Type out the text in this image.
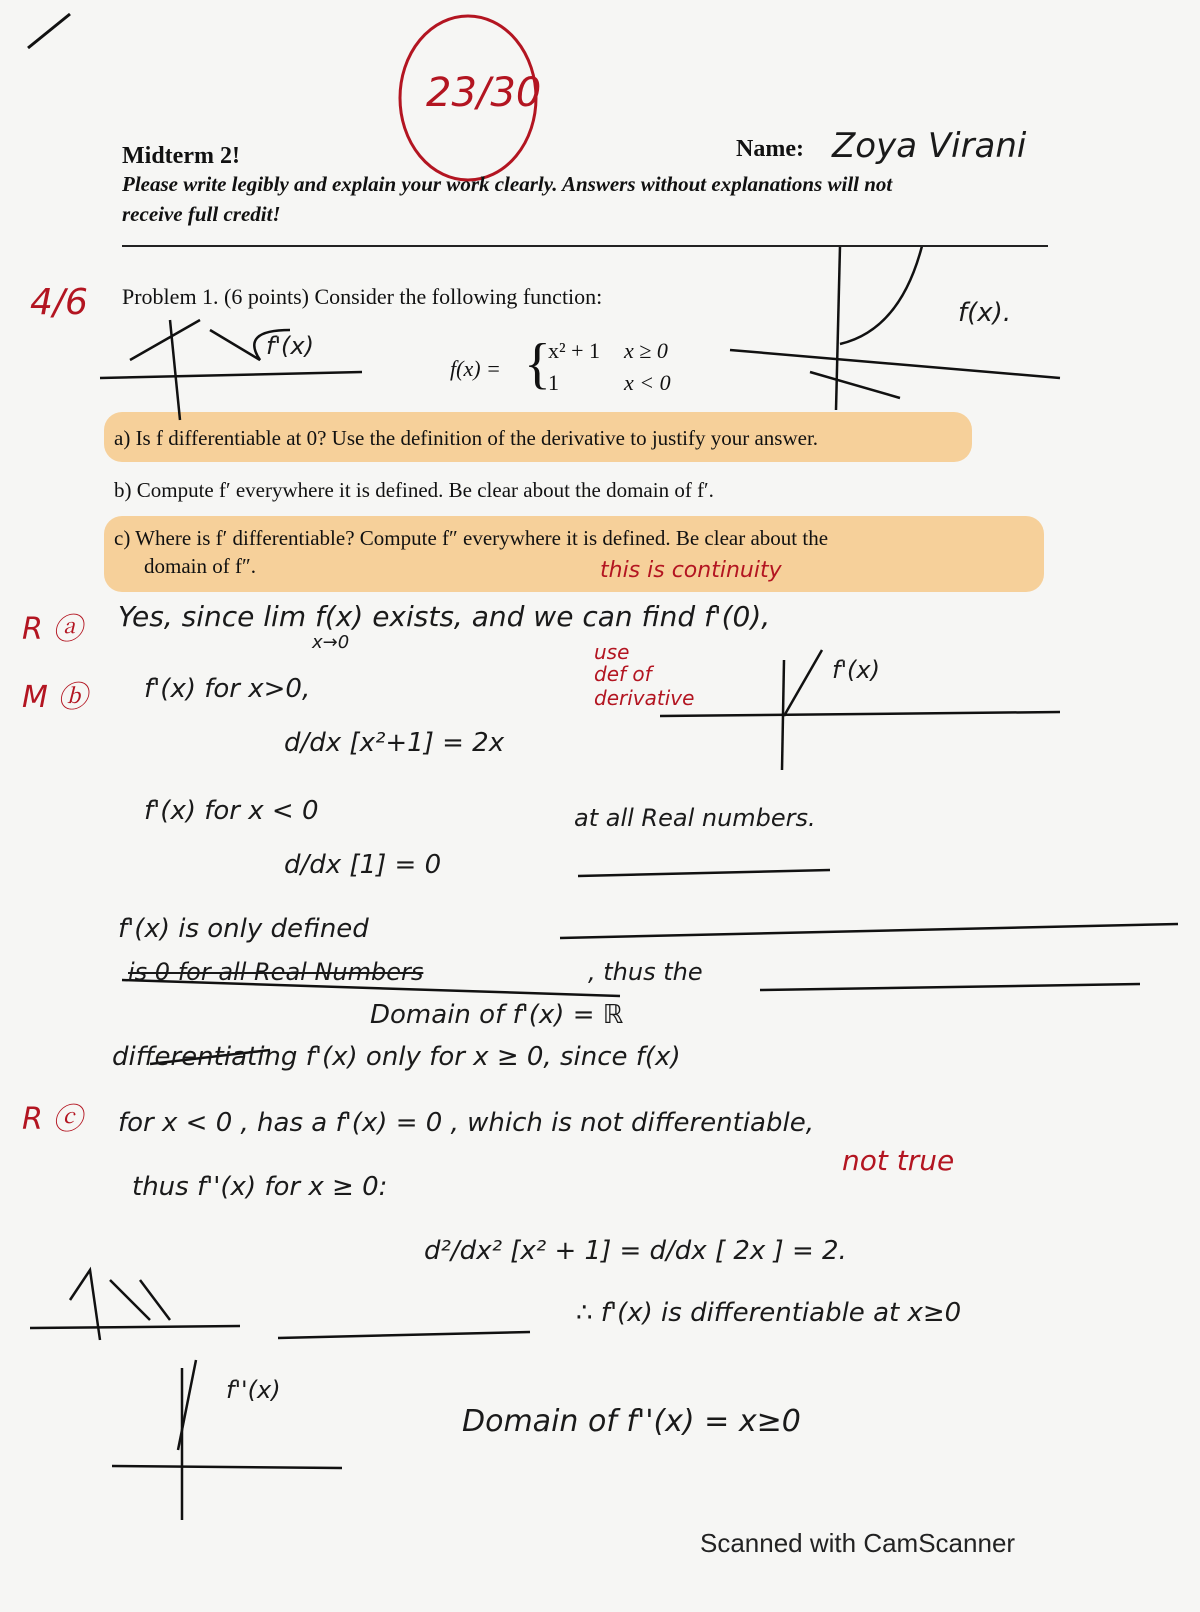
23/30
Midterm 2!	Name: Zoya Virani
Please write legibly and explain your work clearly. Answers without explanations will not
receive full credit!
4/6 Problem 1. (6 points) Consider the following function:
f(x) = {
x² + 1 x ≥ 0
1	x < 0
f'(x)
f(x).
a) Is f differentiable at 0? Use the definition of the derivative to justify your answer.
b) Compute f′ everywhere it is defined. Be clear about the domain of f′.
c) Where is f′ differentiable? Compute f″ everywhere it is defined. Be clear about the
domain of f″.	this is continuity
R ⓐ Yes, since lim f(x) exists, and we can find f'(0),
x→0	use
def of
derivative
f'(x)
M ⓑ f'(x) for x>0,
d/dx [x²+1] = 2x
f'(x) for x < 0	at all Real numbers.
d/dx [1] = 0
f'(x) is only defined
is 0 for all Real Numbers	, thus the
Domain of f'(x) = ℝ
R ⓒ
differentiating f'(x) only for x ≥ 0, since f(x)
for x < 0 , has a f'(x) = 0 , which is not differentiable,
not true
thus f''(x) for x ≥ 0:
d²/dx² [x² + 1] = d/dx [ 2x ] = 2.
∴ f'(x) is differentiable at x≥0
f''(x)
Domain of f''(x) = x≥0
Scanned with CamScanner
